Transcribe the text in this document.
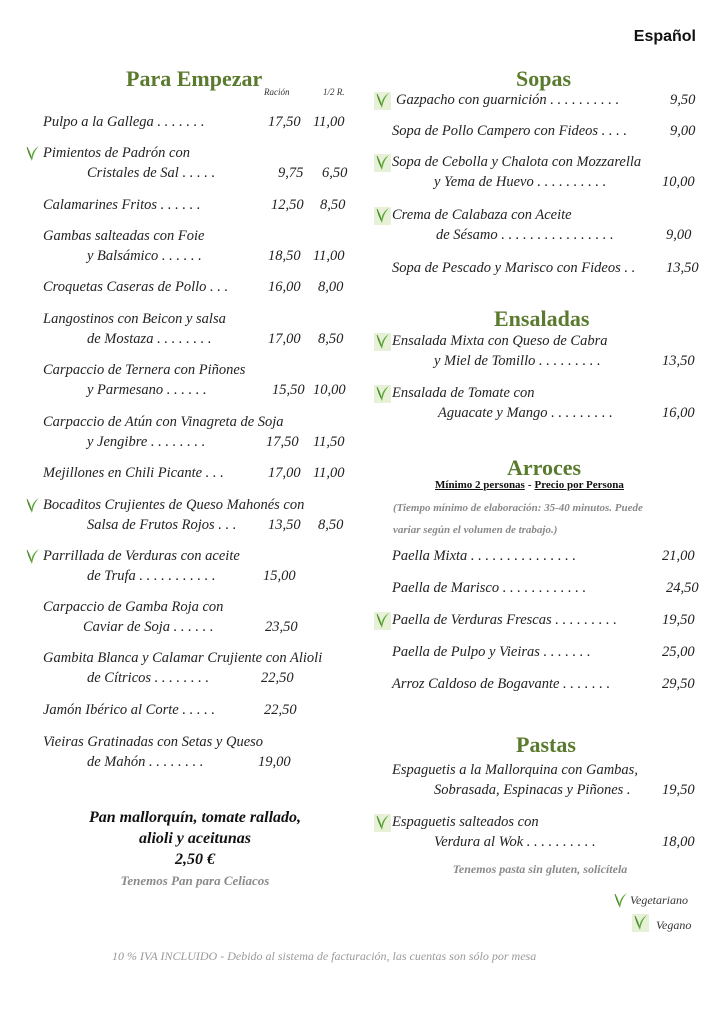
Español
Para Empezar
Ración	1/2 R.
Pulpo a la Gallega . . . . . . .	17,50 11,00
Pimientos de Padrón con
Cristales de Sal . . . . .	9,75 6,50
Calamarines Fritos . . . . . .	12,50 8,50
Gambas salteadas con Foie
y Balsámico . . . . . .	18,50 11,00
Croquetas Caseras de Pollo . . .	16,00 8,00
Langostinos con Beicon y salsa
de Mostaza . . . . . . . .	17,00 8,50
Carpaccio de Ternera con Piñones
y Parmesano . . . . . .	15,50 10,00
Carpaccio de Atún con Vinagreta de Soja
y Jengibre . . . . . . . .	17,50 11,50
Mejillones en Chili Picante . . .	17,00 11,00
Bocaditos Crujientes de Queso Mahonés con
Salsa de Frutos Rojos . . . 13,50 8,50
Parrillada de Verduras con aceite
de Trufa . . . . . . . . . . .	15,00
Carpaccio de Gamba Roja con
Caviar de Soja . . . . . .	23,50
Gambita Blanca y Calamar Crujiente con Alioli
de Cítricos . . . . . . . .	22,50
Jamón Ibérico al Corte . . . . .	22,50
Vieiras Gratinadas con Setas y Queso
de Mahón . . . . . . . .	19,00
Pan mallorquín, tomate rallado,
alioli y aceitunas
2,50 €
Tenemos Pan para Celiacos
Sopas
Gazpacho con guarnición . . . . . . . . . .	9,50
Sopa de Pollo Campero con Fideos . . . .	9,00
Sopa de Cebolla y Chalota con Mozzarella
y Yema de Huevo . . . . . . . . . .	10,00
Crema de Calabaza con Aceite
de Sésamo . . . . . . . . . . . . . . . .	9,00
Sopa de Pescado y Marisco con Fideos . . 13,50
Ensaladas
Ensalada Mixta con Queso de Cabra
y Miel de Tomillo . . . . . . . . .	13,50
Ensalada de Tomate con
Aguacate y Mango . . . . . . . . .	16,00
Arroces
Mínimo 2 personas - Precio por Persona
(Tiempo mínimo de elaboración: 35-40 minutos. Puede
variar según el volumen de trabajo.)
Paella Mixta . . . . . . . . . . . . . . .	21,00
Paella de Marisco . . . . . . . . . . . .	24,50
Paella de Verduras Frescas . . . . . . . . .	19,50
Paella de Pulpo y Vieiras . . . . . . .	25,00
Arroz Caldoso de Bogavante . . . . . . .	29,50
Pastas
Espaguetis a la Mallorquina con Gambas,
Sobrasada, Espinacas y Piñones . 19,50
Espaguetis salteados con
Verdura al Wok . . . . . . . . . .	18,00
Tenemos pasta sin gluten, solicítela
Vegetariano
Vegano
10 % IVA INCLUIDO - Debido al sistema de facturación, las cuentas son sólo por mesa
